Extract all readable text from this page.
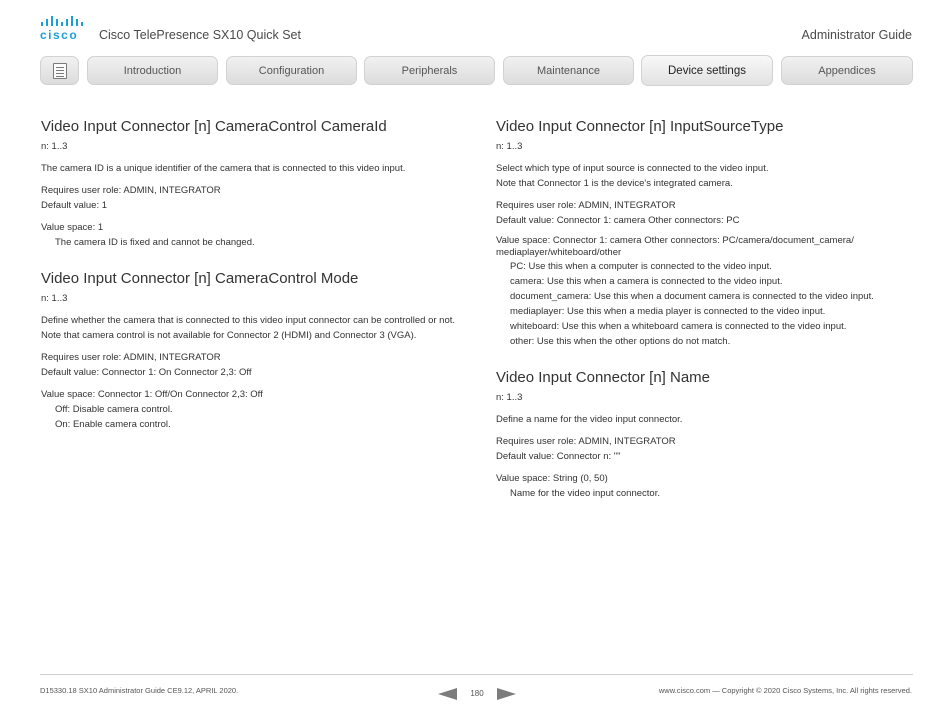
cisco Cisco TelePresence SX10 Quick Set	Administrator Guide
Introduction	Configuration	Peripherals	Maintenance	Device settings	Appendices
Video Input Connector [n] CameraControl CameraId
n: 1..3
The camera ID is a unique identifier of the camera that is connected to this video input.
Requires user role: ADMIN, INTEGRATOR
Default value: 1
Value space: 1
The camera ID is fixed and cannot be changed.
Video Input Connector [n] CameraControl Mode
n: 1..3
Define whether the camera that is connected to this video input connector can be controlled or not.
Note that camera control is not available for Connector 2 (HDMI) and Connector 3 (VGA).
Requires user role: ADMIN, INTEGRATOR
Default value: Connector 1: On Connector 2,3: Off
Value space: Connector 1: Off/On Connector 2,3: Off
Off: Disable camera control.
On: Enable camera control.
Video Input Connector [n] InputSourceType
n: 1..3
Select which type of input source is connected to the video input.
Note that Connector 1 is the device's integrated camera.
Requires user role: ADMIN, INTEGRATOR
Default value: Connector 1: camera Other connectors: PC
Value space: Connector 1: camera Other connectors: PC/camera/document_camera/
mediaplayer/whiteboard/other
PC: Use this when a computer is connected to the video input.
camera: Use this when a camera is connected to the video input.
document_camera: Use this when a document camera is connected to the video input.
mediaplayer: Use this when a media player is connected to the video input.
whiteboard: Use this when a whiteboard camera is connected to the video input.
other: Use this when the other options do not match.
Video Input Connector [n] Name
n: 1..3
Define a name for the video input connector.
Requires user role: ADMIN, INTEGRATOR
Default value: Connector n: ""
Value space: String (0, 50)
Name for the video input connector.
D15330.18 SX10 Administrator Guide CE9.12, APRIL 2020.	180	www.cisco.com — Copyright © 2020 Cisco Systems, Inc. All rights reserved.
